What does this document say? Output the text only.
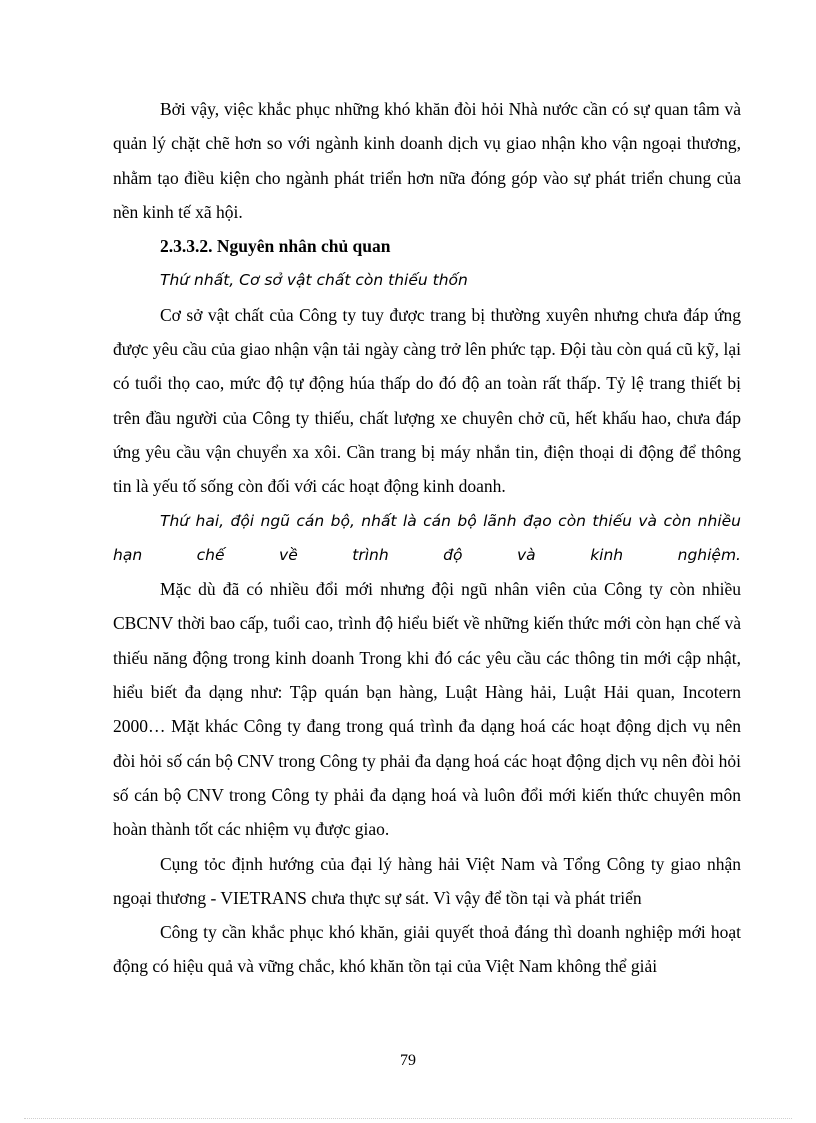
Bởi vậy, việc khắc phục những khó khăn đòi hỏi Nhà nước cần có sự quan tâm và quản lý chặt chẽ hơn so với ngành kinh doanh dịch vụ giao nhận kho vận ngoại thương, nhằm tạo điều kiện cho ngành phát triển hơn nữa đóng góp vào sự phát triển chung của nền kinh tế xã hội.

2.3.3.2. Nguyên nhân chủ quan

Thứ nhất, Cơ sở vật chất còn thiếu thốn

Cơ sở vật chất của Công ty tuy được trang bị thường xuyên nhưng chưa đáp ứng được yêu cầu của giao nhận vận tải ngày càng trở lên phức tạp. Đội tàu còn quá cũ kỹ, lại có tuổi thọ cao, mức độ tự động húa thấp do đó độ an toàn rất thấp. Tỷ lệ trang thiết bị trên đầu người của Công ty thiếu, chất lượng xe chuyên chở cũ, hết khấu hao, chưa đáp ứng yêu cầu vận chuyển xa xôi. Cần trang bị máy nhắn tin, điện thoại di động để thông tin là yếu tố sống còn đối với các hoạt động kinh doanh.

Thứ hai, đội ngũ cán bộ, nhất là cán bộ lãnh đạo còn thiếu và còn nhiều hạn chế về trình độ và kinh nghiệm.

Mặc dù đã có nhiều đổi mới nhưng đội ngũ nhân viên của Công ty còn nhiều CBCNV thời bao cấp, tuổi cao, trình độ hiểu biết về những kiến thức mới còn hạn chế và thiếu năng động trong kinh doanh Trong khi đó các yêu cầu các thông tin mới cập nhật, hiểu biết đa dạng như: Tập quán bạn hàng, Luật Hàng hải, Luật Hải quan, Incotern 2000… Mặt khác Công ty đang trong quá trình đa dạng hoá các hoạt động dịch vụ nên đòi hỏi số cán bộ CNV trong Công ty phải đa dạng hoá các hoạt động dịch vụ nên đòi hỏi số cán bộ CNV trong Công ty phải đa dạng hoá và luôn đổi mới kiến thức chuyên môn hoàn thành tốt các nhiệm vụ được giao.

Cụng tỏc định hướng của đại lý hàng hải Việt Nam và Tổng Công ty giao nhận ngoại thương - VIETRANS chưa thực sự sát. Vì vậy để tồn tại và phát triển

Công ty cần khắc phục khó khăn, giải quyết thoả đáng thì doanh nghiệp mới hoạt động có hiệu quả và vững chắc, khó khăn tồn tại của Việt Nam không thể giải

79
